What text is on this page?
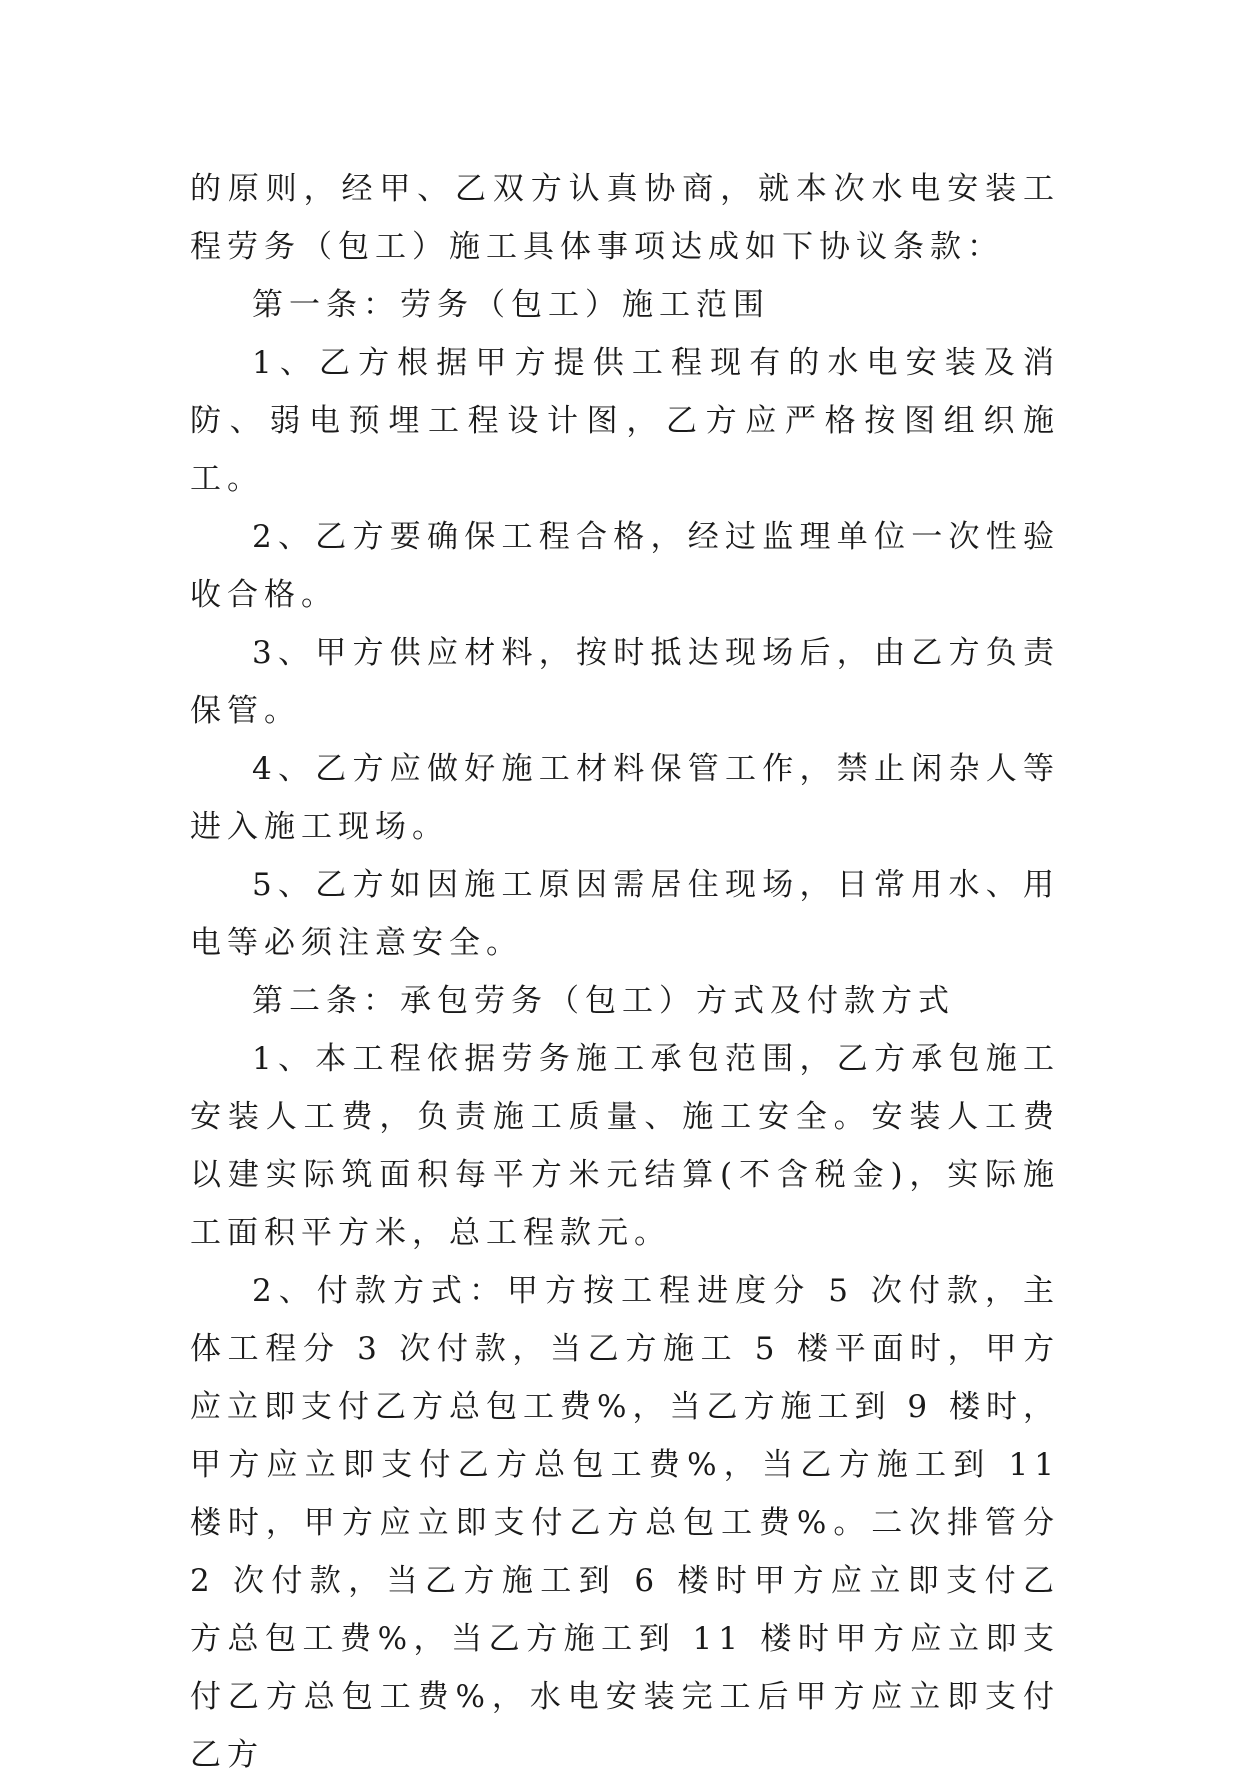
的原则，经甲、乙双方认真协商，就本次水电安装工程劳务（包工）施工具体事项达成如下协议条款：

第一条：劳务（包工）施工范围

1、乙方根据甲方提供工程现有的水电安装及消防、弱电预埋工程设计图，乙方应严格按图组织施工。

2、乙方要确保工程合格，经过监理单位一次性验收合格。

3、甲方供应材料，按时抵达现场后，由乙方负责保管。

4、乙方应做好施工材料保管工作，禁止闲杂人等进入施工现场。

5、乙方如因施工原因需居住现场，日常用水、用电等必须注意安全。

第二条：承包劳务（包工）方式及付款方式

1、本工程依据劳务施工承包范围，乙方承包施工安装人工费，负责施工质量、施工安全。安装人工费以建实际筑面积每平方米元结算(不含税金)，实际施工面积平方米，总工程款元。

2、付款方式：甲方按工程进度分 5 次付款，主体工程分 3 次付款，当乙方施工 5 楼平面时，甲方应立即支付乙方总包工费%，当乙方施工到 9 楼时，甲方应立即支付乙方总包工费%，当乙方施工到 11 楼时，甲方应立即支付乙方总包工费%。二次排管分 2 次付款，当乙方施工到 6 楼时甲方应立即支付乙方总包工费%，当乙方施工到 11 楼时甲方应立即支付乙方总包工费%，水电安装完工后甲方应立即支付乙方
